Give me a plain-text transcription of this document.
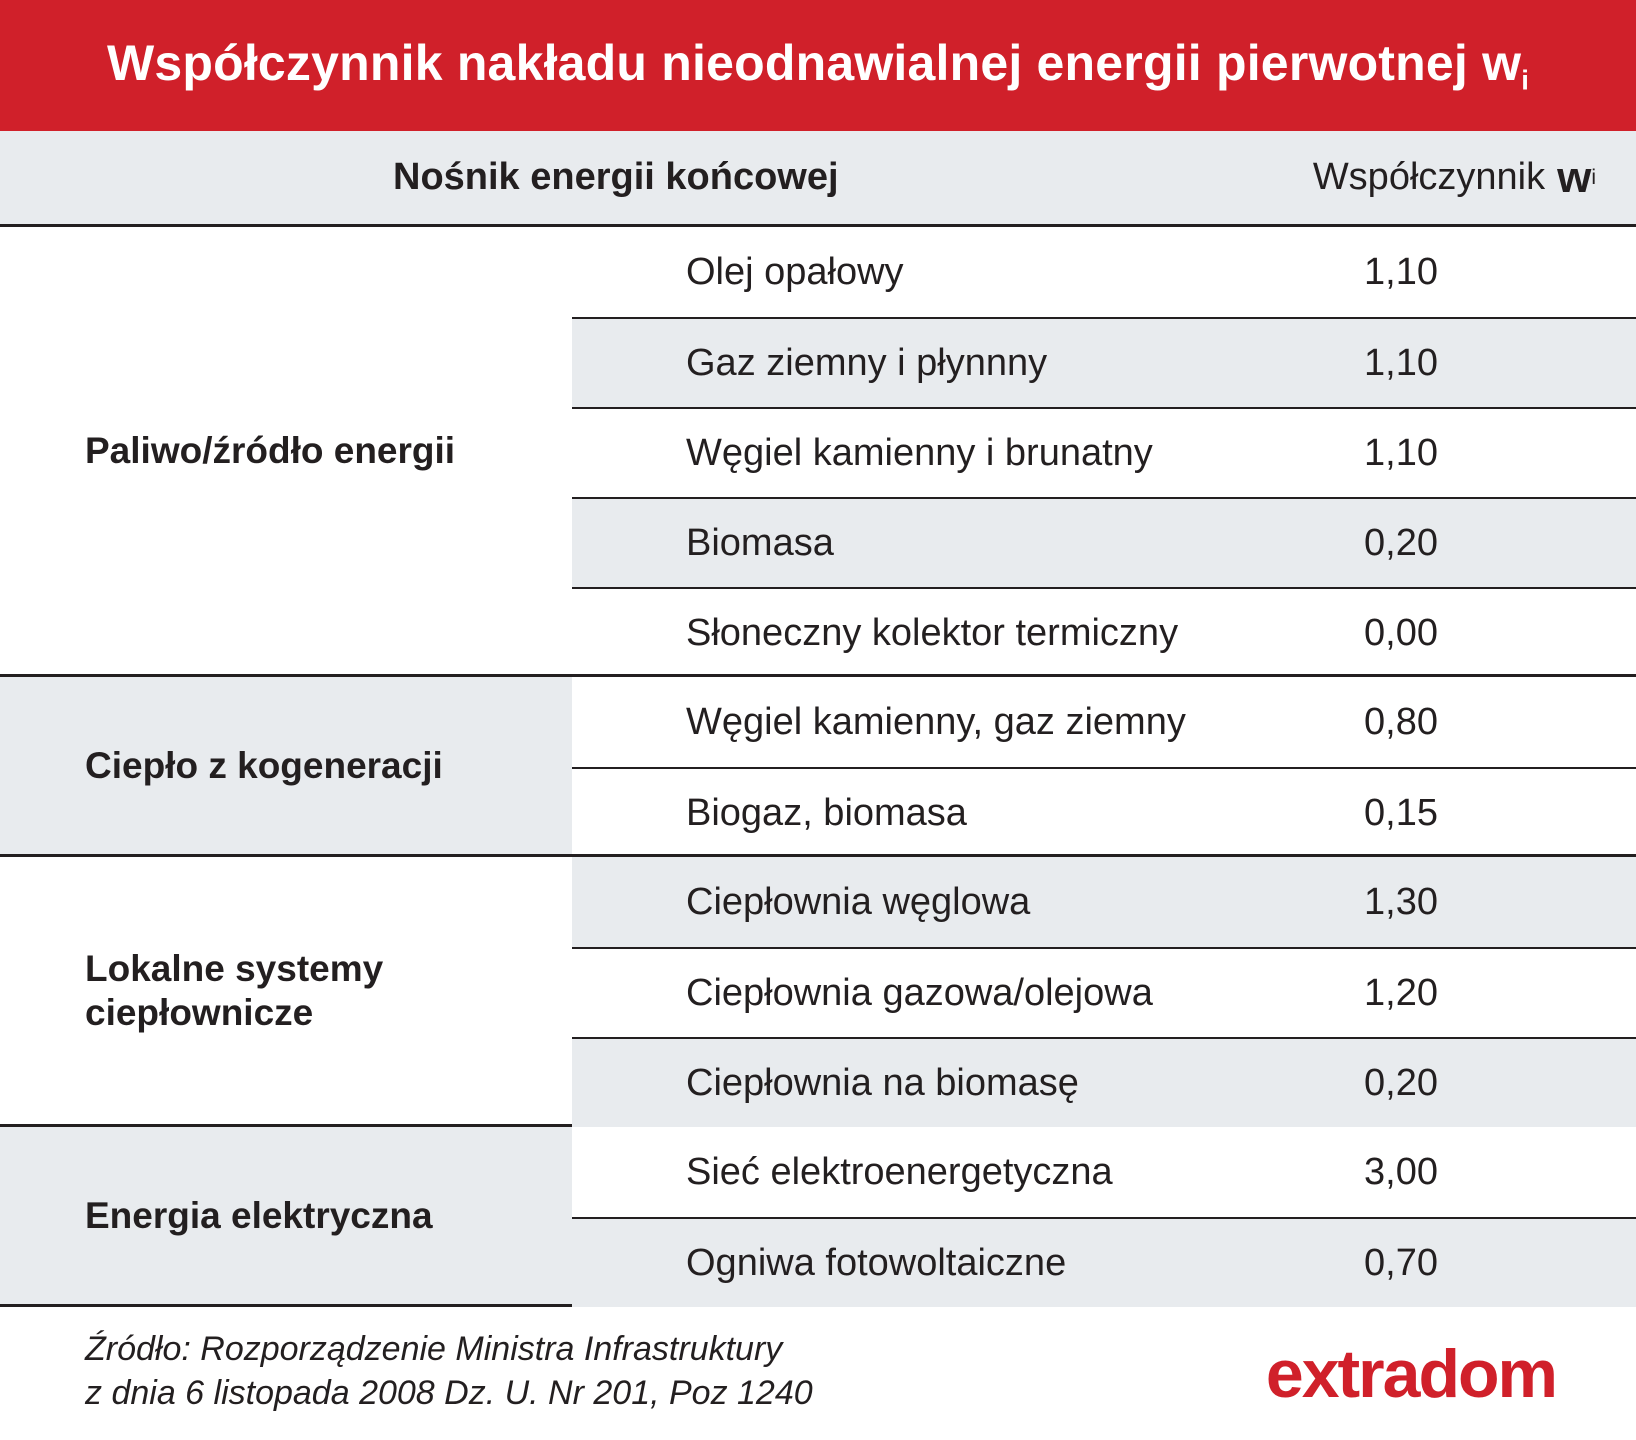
Współczynnik nakładu nieodnawialnej energii pierwotnej $w_i$
Nośnik energii końcowej	Współczynnik w i
Paliwo/źródło energii
Olej opałowy	1,10
Gaz ziemny i płynnny	1,10
Węgiel kamienny i brunatny	1,10
Biomasa	0,20
Słoneczny kolektor termiczny	0,00
Ciepło z kogeneracji
Węgiel kamienny, gaz ziemny	0,80
Biogaz, biomasa	0,15
Lokalne systemy
ciepłownicze
Ciepłownia węglowa	1,30
Ciepłownia gazowa/olejowa	1,20
Ciepłownia na biomasę	0,20
Energia elektryczna
Sieć elektroenergetyczna	3,00
Ogniwa fotowoltaiczne	0,70
Źródło: Rozporządzenie Ministra Infrastruktury
z dnia 6 listopada 2008 Dz. U. Nr 201, Poz 1240	extradom
